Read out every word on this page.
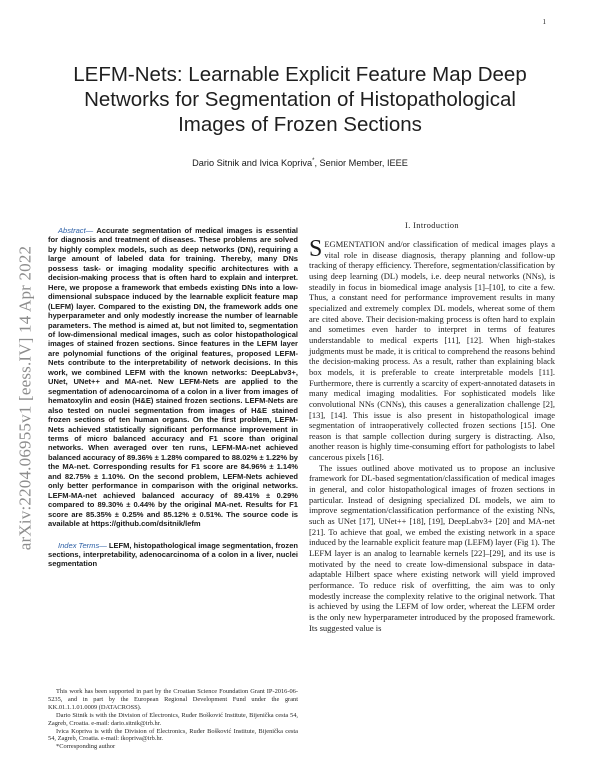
1
arXiv:2204.06955v1 [eess.IV] 14 Apr 2022
LEFM-Nets: Learnable Explicit Feature Map Deep Networks for Segmentation of Histopathological Images of Frozen Sections
Dario Sitnik and Ivica Kopriva*, Senior Member, IEEE

Abstract— Accurate segmentation of medical images is essential for diagnosis and treatment of diseases. These problems are solved by highly complex models, such as deep networks (DN), requiring a large amount of labeled data for training. Thereby, many DNs possess task- or imaging modality specific architectures with a decision-making process that is often hard to explain and interpret. Here, we propose a framework that embeds existing DNs into a low-dimensional subspace induced by the learnable explicit feature map (LEFM) layer. Compared to the existing DN, the framework adds one hyperparameter and only modestly increase the number of learnable parameters. The method is aimed at, but not limited to, segmentation of low-dimensional medical images, such as color histopathological images of stained frozen sections. Since features in the LEFM layer are polynomial functions of the original features, proposed LEFM-Nets contribute to the interpretability of network decisions. In this work, we combined LEFM with the known networks: DeepLabv3+, UNet, UNet++ and MA-net. New LEFM-Nets are applied to the segmentation of adenocarcinoma of a colon in a liver from images of hematoxylin and eosin (H&E) stained frozen sections. LEFM-Nets are also tested on nuclei segmentation from images of H&E stained frozen sections of ten human organs. On the first problem, LEFM-Nets achieved statistically significant performance improvement in terms of micro balanced accuracy and F1 score than original networks. When averaged over ten runs, LEFM-MA-net achieved balanced accuracy of 89.36% ± 1.28% compared to 88.02% ± 1.22% by the MA-net. Corresponding results for F1 score are 84.96% ± 1.14% and 82.75% ± 1.10%. On the second problem, LEFM-Nets achieved only better performance in comparison with the original networks. LEFM-MA-net achieved balanced accuracy of 89.41% ± 0.29% compared to 89.30% ± 0.44% by the original MA-net. Results for F1 score are 85.35% ± 0.25% and 85.12% ± 0.51%. The source code is available at https://github.com/dsitnik/lefm

Index Terms— LEFM, histopathological image segmentation, frozen sections, interpretability, adenocarcinoma of a colon in a liver, nuclei segmentation

This work has been supported in part by the Croatian Science Foundation Grant IP-2016-06-5235, and in part by the European Regional Development Fund under the grant KK.01.1.1.01.0009 (DATACROSS).

Dario Sitnik is with the Division of Electronics, Ruđer Bošković Institute, Bijenička cesta 54, Zagreb, Croatia. e-mail: dario.sitnik@irb.hr.

Ivica Kopriva is with the Division of Electronics, Ruđer Bošković Institute, Bijenička cesta 54, Zagreb, Croatia. e-mail: ikopriva@irb.hr.

*Corresponding author

I. Introduction

SEGMENTATION and/or classification of medical images plays a vital role in disease diagnosis, therapy planning and follow-up tracking of therapy efficiency. Therefore, segmentation/classification by using deep learning (DL) models, i.e. deep neural networks (NNs), is steadily in focus in biomedical image analysis [1]–[10], to cite a few. Thus, a constant need for performance improvement results in many specialized and extremely complex DL models, whereat some of them are cited above. Their decision-making process is often hard to explain and sometimes even harder to interpret in terms of features understandable to medical experts [11], [12]. When high-stakes judgments must be made, it is critical to comprehend the reasons behind the decision-making process. As a result, rather than explaining black box models, it is preferable to create interpretable models [11]. Furthermore, there is currently a scarcity of expert-annotated datasets in many medical imaging modalities. For sophisticated models like convolutional NNs (CNNs), this causes a generalization challenge [2], [13], [14]. This issue is also present in histopathological image segmentation of intraoperatively collected frozen sections [15]. One reason is that sample collection during surgery is distracting. Also, another reason is highly time-consuming effort for pathologists to label cancerous pixels [16].

The issues outlined above motivated us to propose an inclusive framework for DL-based segmentation/classification of medical images in general, and color histopathological images of frozen sections in particular. Instead of designing specialized DL models, we aim to improve segmentation/classification performance of the existing NNs, such as UNet [17], UNet++ [18], [19], DeepLabv3+ [20] and MA-net [21]. To achieve that goal, we embed the existing network in a space induced by the learnable explicit feature map (LEFM) layer (Fig 1). The LEFM layer is an analog to learnable kernels [22]–[29], and its use is motivated by the need to create low-dimensional subspace in data-adaptable Hilbert space where existing network will yield improved performance. To reduce risk of overfitting, the aim was to only modestly increase the complexity relative to the original network. That is achieved by using the LEFM of low order, whereat the LEFM order is the only new hyperparameter introduced by the proposed framework. Its suggested value is
